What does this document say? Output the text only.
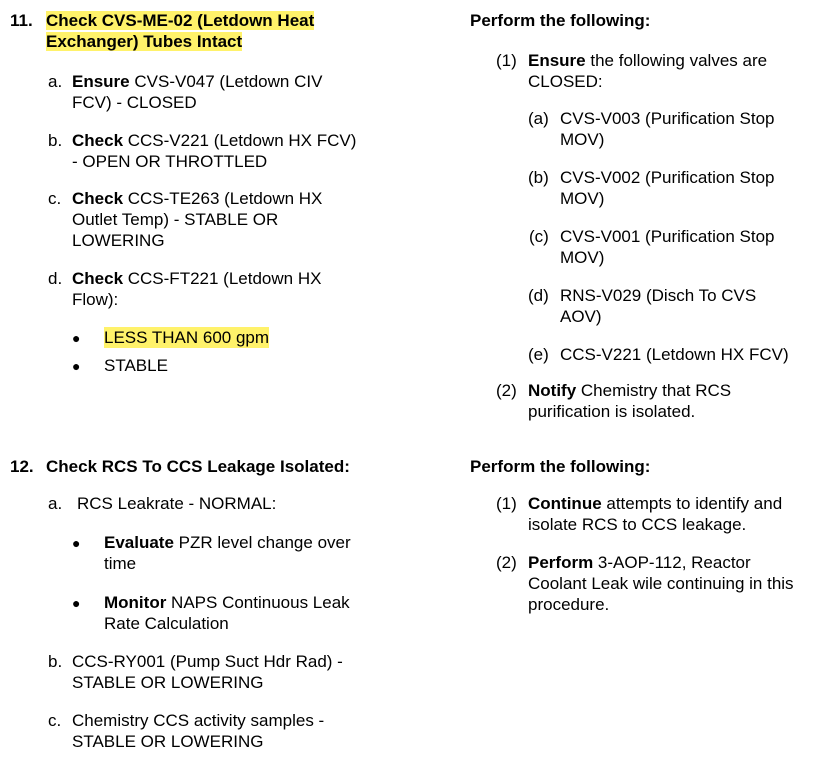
11. Check CVS-ME-02 (Letdown Heat
Exchanger) Tubes Intact
a. Ensure CVS-V047 (Letdown CIV
FCV) - CLOSED
b. Check CCS-V221 (Letdown HX FCV)
- OPEN OR THROTTLED
c. Check CCS-TE263 (Letdown HX
Outlet Temp) - STABLE OR
LOWERING
d. Check CCS-FT221 (Letdown HX
Flow):
● LESS THAN 600 gpm
● STABLE
Perform the following:
(1) Ensure the following valves are
CLOSED:
(a) CVS-V003 (Purification Stop
MOV)
(b) CVS-V002 (Purification Stop
MOV)
(c) CVS-V001 (Purification Stop
MOV)
(d) RNS-V029 (Disch To CVS
AOV)
(e) CCS-V221 (Letdown HX FCV)
(2) Notify Chemistry that RCS
purification is isolated.
12. Check RCS To CCS Leakage Isolated:
a. RCS Leakrate - NORMAL:
● Evaluate PZR level change over
time
● Monitor NAPS Continuous Leak
Rate Calculation
b. CCS-RY001 (Pump Suct Hdr Rad) -
STABLE OR LOWERING
c. Chemistry CCS activity samples -
STABLE OR LOWERING
Perform the following:
(1) Continue attempts to identify and
isolate RCS to CCS leakage.
(2) Perform 3-AOP-112, Reactor
Coolant Leak wile continuing in this
procedure.
